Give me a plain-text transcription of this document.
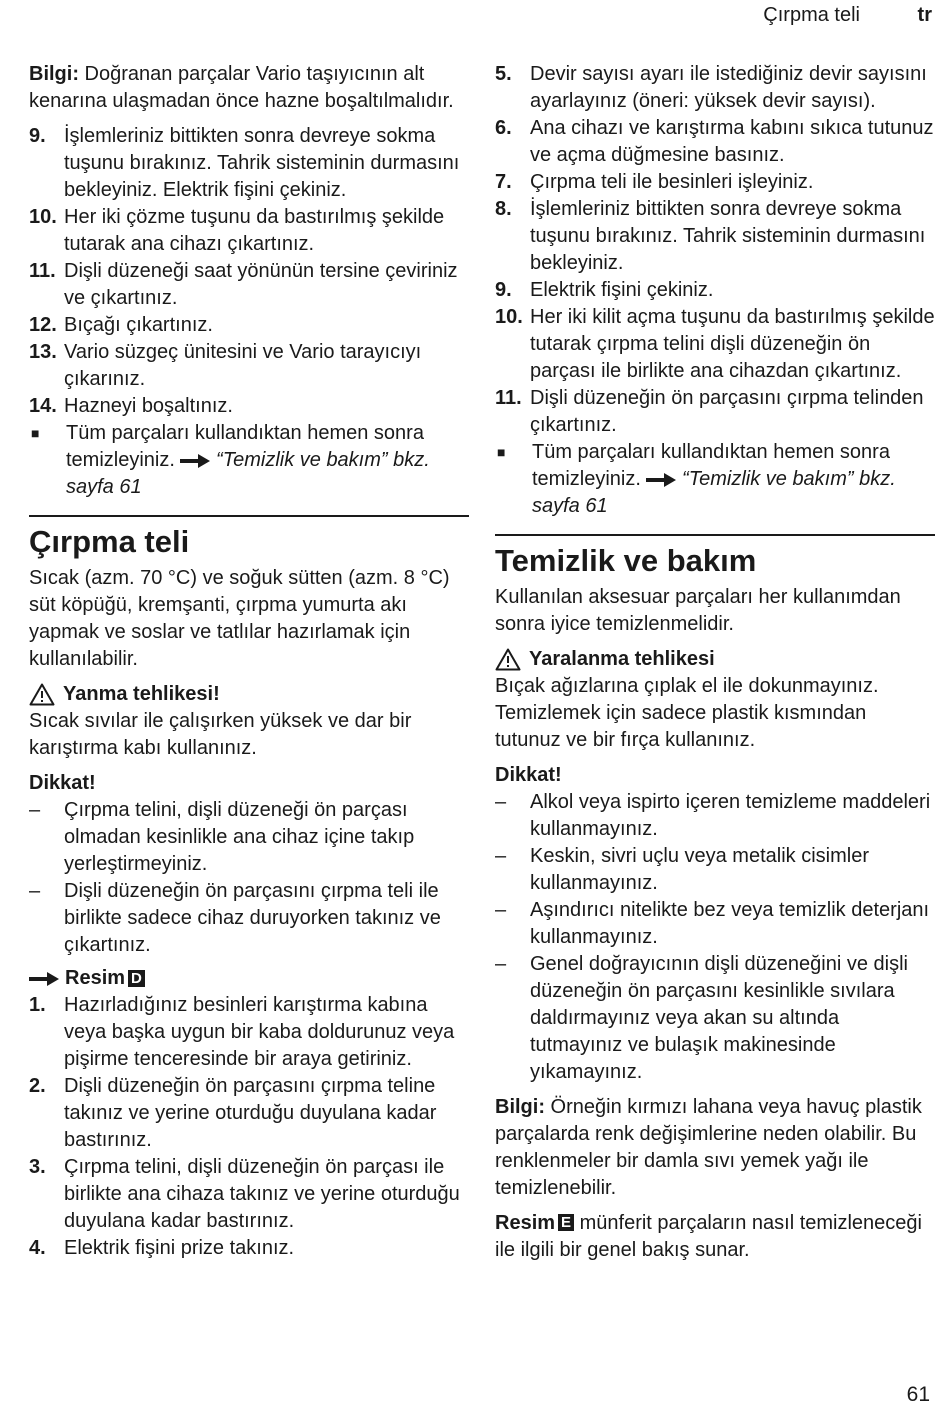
Çırpma teli	tr

Bilgi: Doğranan parçalar Vario taşıyıcının alt kenarına ulaşmadan önce hazne boşaltılmalıdır.

9. İşlemleriniz bittikten sonra devreye sokma tuşunu bırakınız. Tahrik sisteminin durmasını bekleyiniz. Elektrik fişini çekiniz.
10. Her iki çözme tuşunu da bastırılmış şekilde tutarak ana cihazı çıkartınız.
11. Dişli düzeneği saat yönünün tersine çeviriniz ve çıkartınız.
12. Bıçağı çıkartınız.
13. Vario süzgeç ünitesini ve Vario tarayıcıyı çıkarınız.
14. Hazneyi boşaltınız.
■	Tüm parçaları kullandıktan hemen sonra temizleyiniz.  “Temizlik ve bakım” bkz. sayfa 61
Çırpma teli

Sıcak (azm. 70 °C) ve soğuk sütten (azm. 8 °C) süt köpüğü, kremşanti, çırpma yumurta akı yapmak ve soslar ve tatlılar hazırlamak için kullanılabilir.

Yanma tehlikesi!

Sıcak sıvılar ile çalışırken yüksek ve dar bir karıştırma kabı kullanınız.

Dikkat!
–	Çırpma telini, dişli düzeneği ön parçası olmadan kesinlikle ana cihaz içine takıp yerleştirmeyiniz.
–	Dişli düzeneğin ön parçasını çırpma teli ile birlikte sadece cihaz duruyorken takınız ve çıkartınız.
Resim D
1. Hazırladığınız besinleri karıştırma kabına veya başka uygun bir kaba doldurunuz veya pişirme tenceresinde bir araya getiriniz.
2. Dişli düzeneğin ön parçasını çırpma teline takınız ve yerine oturduğu duyulana kadar bastırınız.
3. Çırpma telini, dişli düzeneğin ön parçası ile birlikte ana cihaza takınız ve yerine oturduğu duyulana kadar bastırınız.
4. Elektrik fişini prize takınız.
5. Devir sayısı ayarı ile istediğiniz devir sayısını ayarlayınız (öneri: yüksek devir sayısı).
6. Ana cihazı ve karıştırma kabını sıkıca tutunuz ve açma düğmesine basınız.
7. Çırpma teli ile besinleri işleyiniz.
8. İşlemleriniz bittikten sonra devreye sokma tuşunu bırakınız. Tahrik sisteminin durmasını bekleyiniz.
9. Elektrik fişini çekiniz.
10. Her iki kilit açma tuşunu da bastırılmış şekilde tutarak çırpma telini dişli düzeneğin ön parçası ile birlikte ana cihazdan çıkartınız.
11. Dişli düzeneğin ön parçasını çırpma telinden çıkartınız.
■	Tüm parçaları kullandıktan hemen sonra temizleyiniz.  “Temizlik ve bakım” bkz. sayfa 61
Temizlik ve bakım

Kullanılan aksesuar parçaları her kullanımdan sonra iyice temizlenmelidir.

Yaralanma tehlikesi

Bıçak ağızlarına çıplak el ile dokunmayınız. Temizlemek için sadece plastik kısmından tutunuz ve bir fırça kullanınız.

Dikkat!
–	Alkol veya ispirto içeren temizleme maddeleri kullanmayınız.
–	Keskin, sivri uçlu veya metalik cisimler kullanmayınız.
–	Aşındırıcı nitelikte bez veya temizlik deterjanı kullanmayınız.
–	Genel doğrayıcının dişli düzeneğini ve dişli düzeneğin ön parçasını kesinlikle sıvılara daldırmayınız veya akan su altında tutmayınız ve bulaşık makinesinde yıkamayınız.

Bilgi: Örneğin kırmızı lahana veya havuç plastik parçalarda renk değişimlerine neden olabilir. Bu renklenmeler bir damla sıvı yemek yağı ile temizlenebilir.

Resim E münferit parçaların nasıl temizleneceği ile ilgili bir genel bakış sunar.

61
